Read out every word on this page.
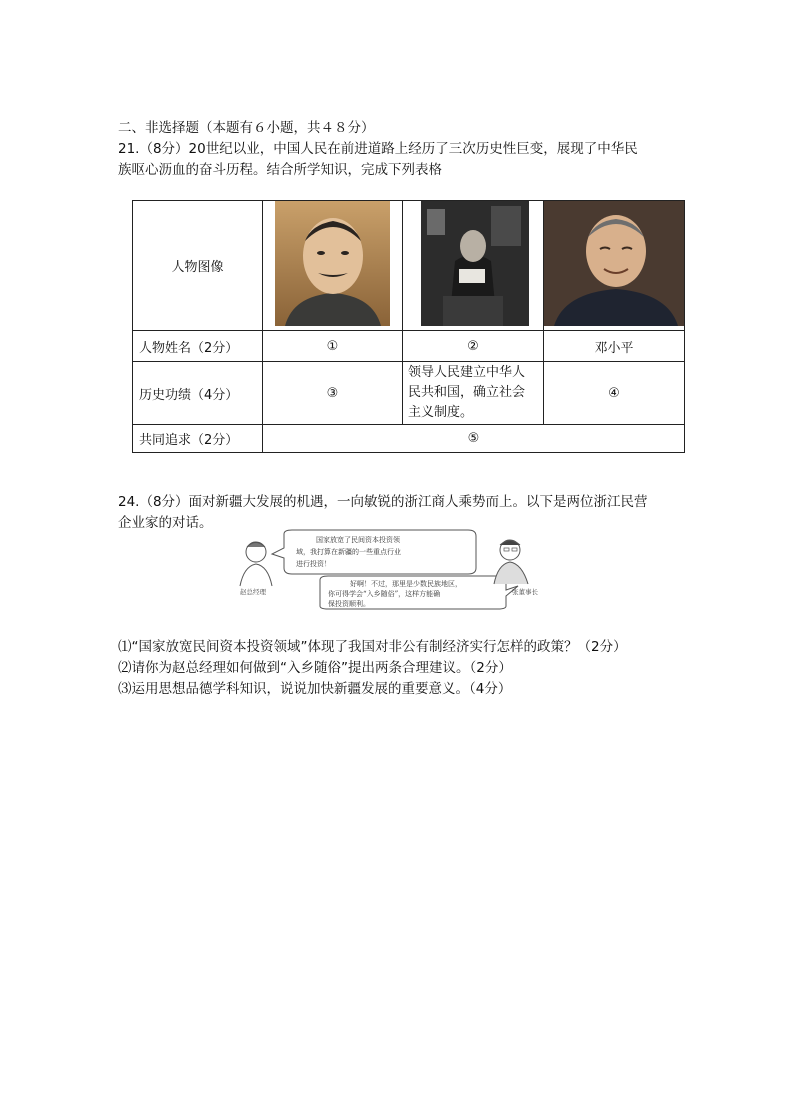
二、非选择题（本题有６小题，共４８分）
21.（8分）20世纪以业，中国人民在前进道路上经历了三次历史性巨变，展现了中华民
族呕心沥血的奋斗历程。结合所学知识，完成下列表格
人物图像			
人物姓名（2分）	①	②	邓小平
历史功绩（4分）	③	领导人民建立中华人
民共和国，确立社会
主义制度。	④
共同追求（2分）	⑤		
24.（8分）面对新疆大发展的机遇，一向敏锐的浙江商人乘势而上。以下是两位浙江民营
企业家的对话。
赵总经理
国家放宽了民间资本投资领
域，我打算在新疆的一些重点行业
进行投资！
好啊！不过，那里是少数民族地区，
你可得学会“入乡随俗”，这样方能确
保投资顺利。
张董事长
⑴“国家放宽民间资本投资领域”体现了我国对非公有制经济实行怎样的政策？（2分）
⑵请你为赵总经理如何做到“入乡随俗”提出两条合理建议。（2分）
⑶运用思想品德学科知识，说说加快新疆发展的重要意义。（4分）
